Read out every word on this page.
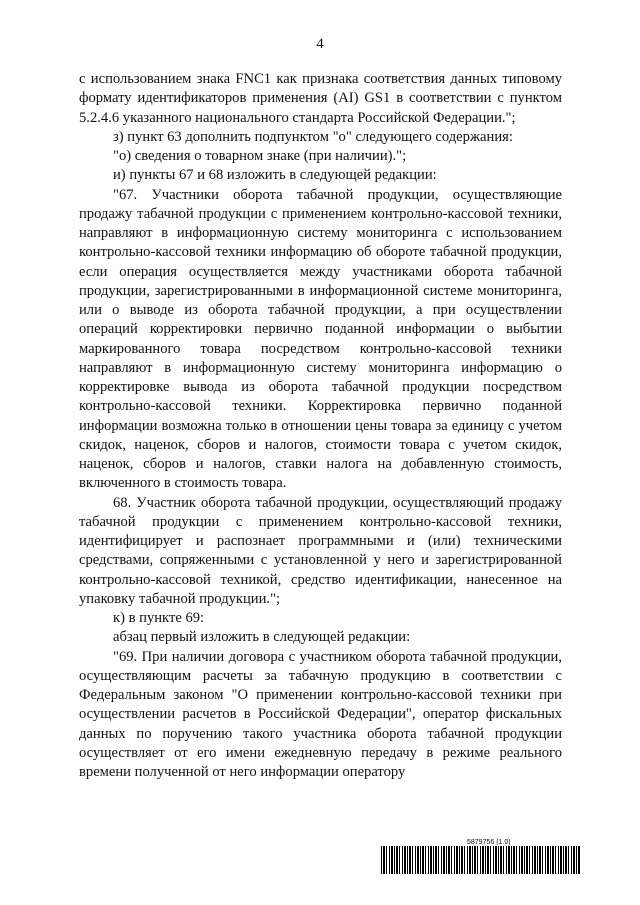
4

с использованием знака FNC1 как признака соответствия данных типовому формату идентификаторов применения (AI) GS1 в соответствии с пунктом 5.2.4.6 указанного национального стандарта Российской Федерации.";

з) пункт 63 дополнить подпунктом "о" следующего содержания:

"о) сведения о товарном знаке (при наличии).";

и) пункты 67 и 68 изложить в следующей редакции:

"67. Участники оборота табачной продукции, осуществляющие продажу табачной продукции с применением контрольно-кассовой техники, направляют в информационную систему мониторинга с использованием контрольно-кассовой техники информацию об обороте табачной продукции, если операция осуществляется между участниками оборота табачной продукции, зарегистрированными в информационной системе мониторинга, или о выводе из оборота табачной продукции, а при осуществлении операций корректировки первично поданной информации о выбытии маркированного товара посредством контрольно-кассовой техники направляют в информационную систему мониторинга информацию о корректировке вывода из оборота табачной продукции посредством контрольно-кассовой техники. Корректировка первично поданной информации возможна только в отношении цены товара за единицу с учетом скидок, наценок, сборов и налогов, стоимости товара с учетом скидок, наценок, сборов и налогов, ставки налога на добавленную стоимость, включенного в стоимость товара.

68. Участник оборота табачной продукции, осуществляющий продажу табачной продукции с применением контрольно-кассовой техники, идентифицирует и распознает программными и (или) техническими средствами, сопряженными с установленной у него и зарегистрированной контрольно-кассовой техникой, средство идентификации, нанесенное на упаковку табачной продукции.";

к) в пункте 69:

абзац первый изложить в следующей редакции:

"69. При наличии договора с участником оборота табачной продукции, осуществляющим расчеты за табачную продукцию в соответствии с Федеральным законом "О применении контрольно-кассовой техники при осуществлении расчетов в Российской Федерации", оператор фискальных данных по поручению такого участника оборота табачной продукции осуществляет от его имени ежедневную передачу в режиме реального времени полученной от него информации оператору

5879756 (1.0)
